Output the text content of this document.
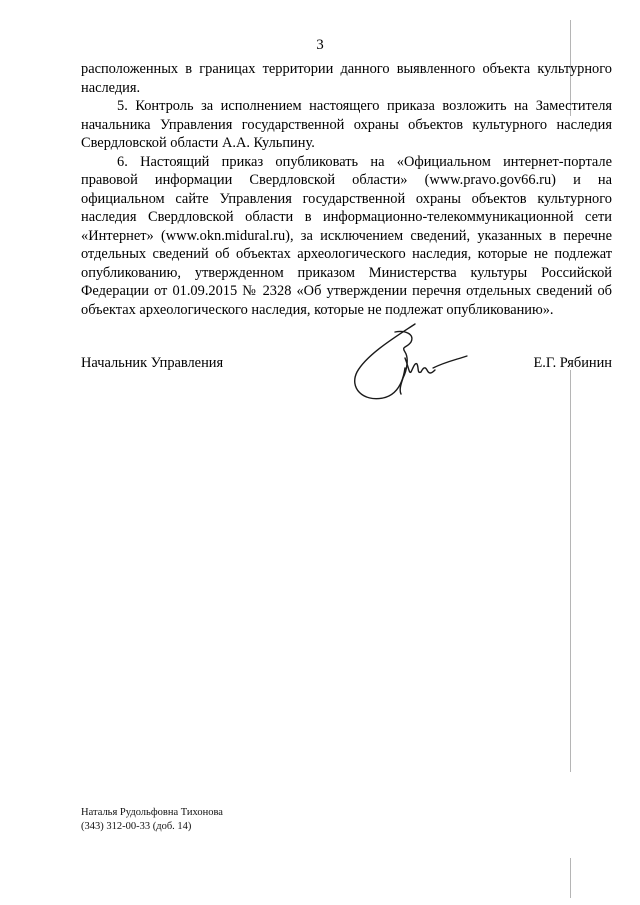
3

расположенных в границах территории данного выявленного объекта культурного наследия.

5. Контроль за исполнением настоящего приказа возложить на Заместителя начальника Управления государственной охраны объектов культурного наследия Свердловской области А.А. Кульпину.

6. Настоящий приказ опубликовать на «Официальном интернет-портале правовой информации Свердловской области» (www.pravo.gov66.ru) и на официальном сайте Управления государственной охраны объектов культурного наследия Свердловской области в информационно-телекоммуникационной сети «Интернет» (www.okn.midural.ru), за исключением сведений, указанных в перечне отдельных сведений об объектах археологического наследия, которые не подлежат опубликованию, утвержденном приказом Министерства культуры Российской Федерации от 01.09.2015 № 2328 «Об утверждении перечня отдельных сведений об объектах археологического наследия, которые не подлежат опубликованию».

Начальник Управления	Е.Г. Рябинин
Наталья Рудольфовна Тихонова
(343) 312-00-33 (доб. 14)
